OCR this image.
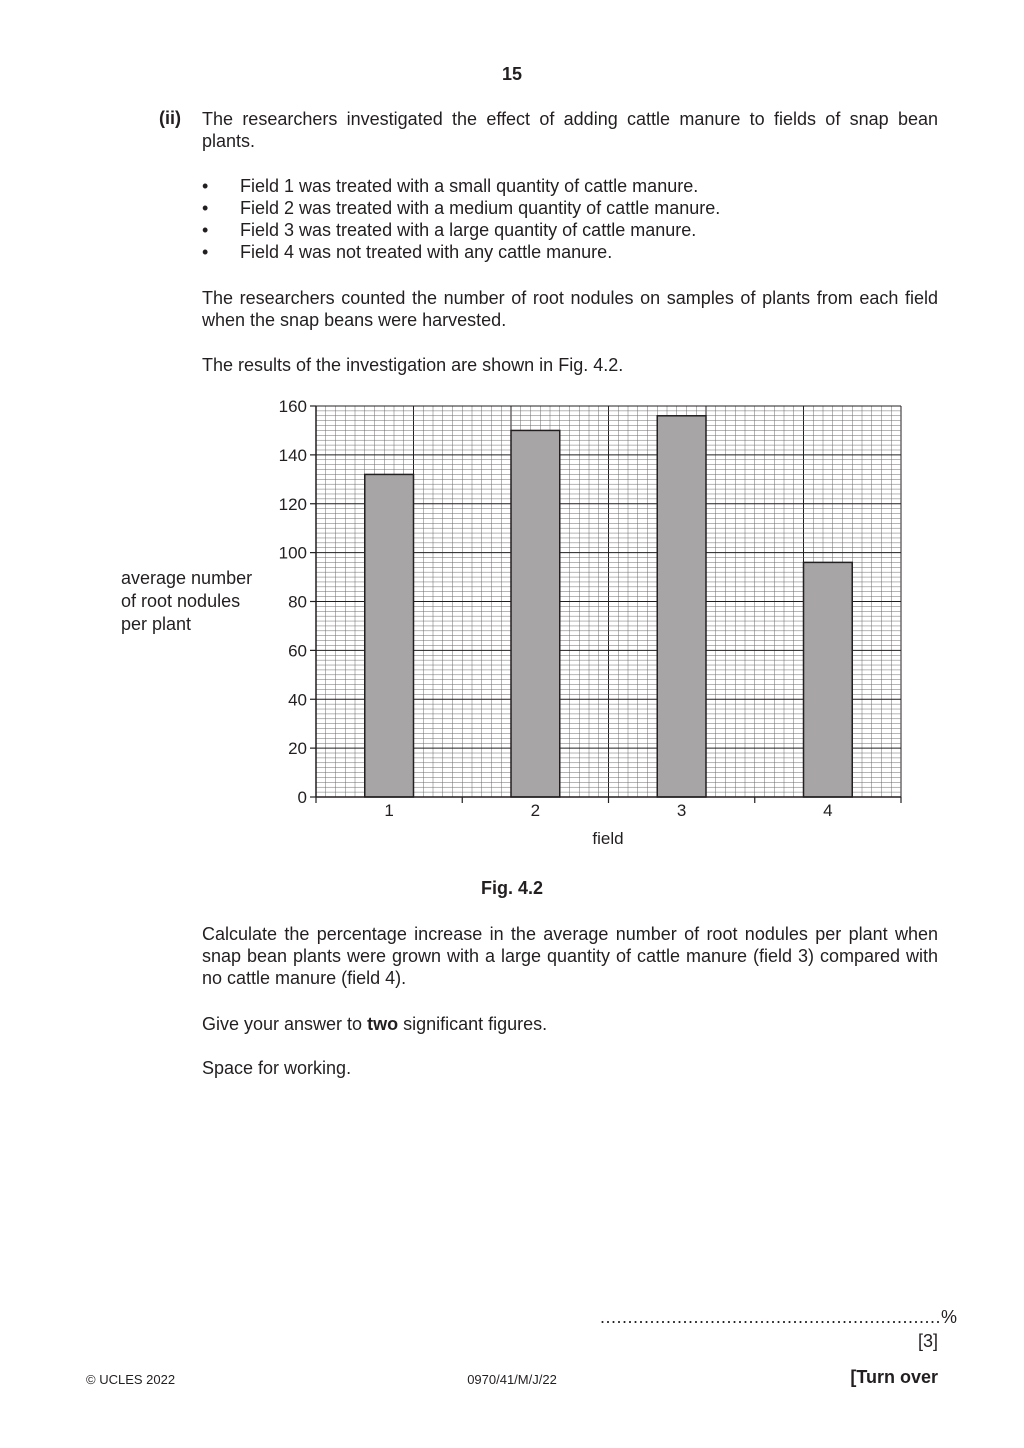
15
(ii) The researchers investigated the effect of adding cattle manure to fields of snap bean plants.
• Field 1 was treated with a small quantity of cattle manure.
• Field 2 was treated with a medium quantity of cattle manure.
• Field 3 was treated with a large quantity of cattle manure.
• Field 4 was not treated with any cattle manure.
The researchers counted the number of root nodules on samples of plants from each field when the snap beans were harvested.
The results of the investigation are shown in Fig. 4.2.
average number
of root nodules
per plant
0
20
40
60
80
100
120
140
160
1	2	3	4
field
Fig. 4.2
Calculate the percentage increase in the average number of root nodules per plant when snap bean plants were grown with a large quantity of cattle manure (field 3) compared with no cattle manure (field 4).
Give your answer to two significant figures.
Space for working.
..............................................................%
[3]
© UCLES 2022	0970/41/M/J/22	[Turn over
